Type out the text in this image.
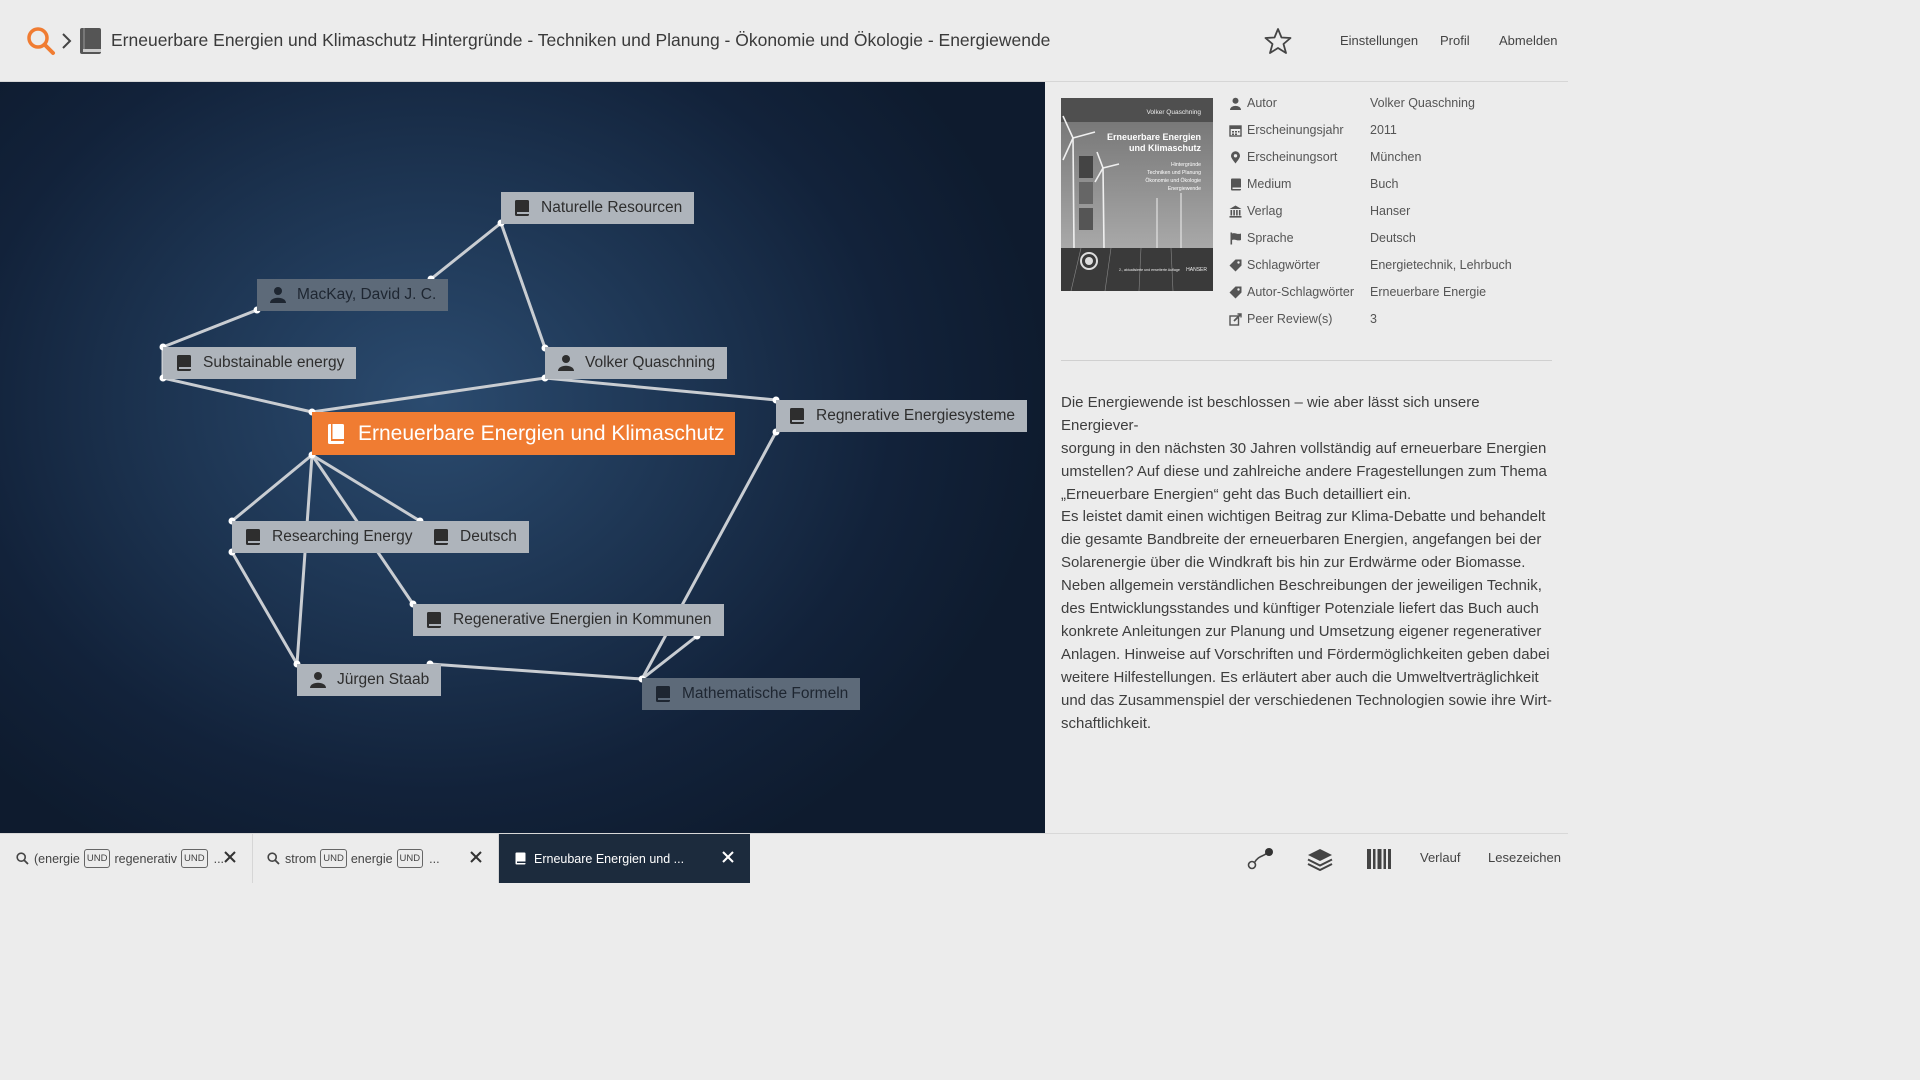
Erneuerbare Energien und Klimaschutz Hintergründe - Techniken und Planung - Ökonomie und Ökologie - Energiewende	Einstellungen Profil Abmelden
Naturelle Resourcen
MacKay, David J. C.
Substainable energy	Volker Quaschning
Regnerative Energiesysteme
Erneuerbare Energien und Klimaschutz
Researching Energy	Deutsch
Regenerative Energien in Kommunen
Jürgen Staab
Mathematische Formeln
Volker Quaschning
Erneuerbare Energien
und Klimaschutz
Hintergründe
Techniken und Planung
Ökonomie und Ökologie
Energiewende
2., aktualisierte und erweiterte Auflage HANSER
Autor	Volker Quaschning
Erscheinungsjahr	2011
Erscheinungsort	München
Medium	Buch
Verlag	Hanser
Sprache	Deutsch
Schlagwörter	Energietechnik, Lehrbuch
Autor-Schlagwörter	Erneuerbare Energie
Peer Review(s)	3
Die Energiewende ist beschlossen – wie aber lässt sich unsere Energiever-
sorgung in den nächsten 30 Jahren vollständig auf erneuerbare Energien
umstellen? Auf diese und zahlreiche andere Fragestellungen zum Thema
„Erneuerbare Energien“ geht das Buch detailliert ein.
Es leistet damit einen wichtigen Beitrag zur Klima-Debatte und behandelt
die gesamte Bandbreite der erneuerbaren Energien, angefangen bei der
Solarenergie über die Windkraft bis hin zur Erdwärme oder Biomasse.
Neben allgemein verständlichen Beschreibungen der jeweiligen Technik,
des Entwicklungsstandes und künftiger Potenziale liefert das Buch auch
konkrete Anleitungen zur Planung und Umsetzung eigener regenerativer
Anlagen. Hinweise auf Vorschriften und Fördermöglichkeiten geben dabei
weitere Hilfestellungen. Es erläutert aber auch die Umweltverträglichkeit
und das Zusammenspiel der verschiedenen Technologien sowie ihre Wirt-
schaftlichkeit.
(energie UND regenerativ UND ...	strom UND energie UND ...	Erneubare Energien und ...	Verlauf Lesezeichen
